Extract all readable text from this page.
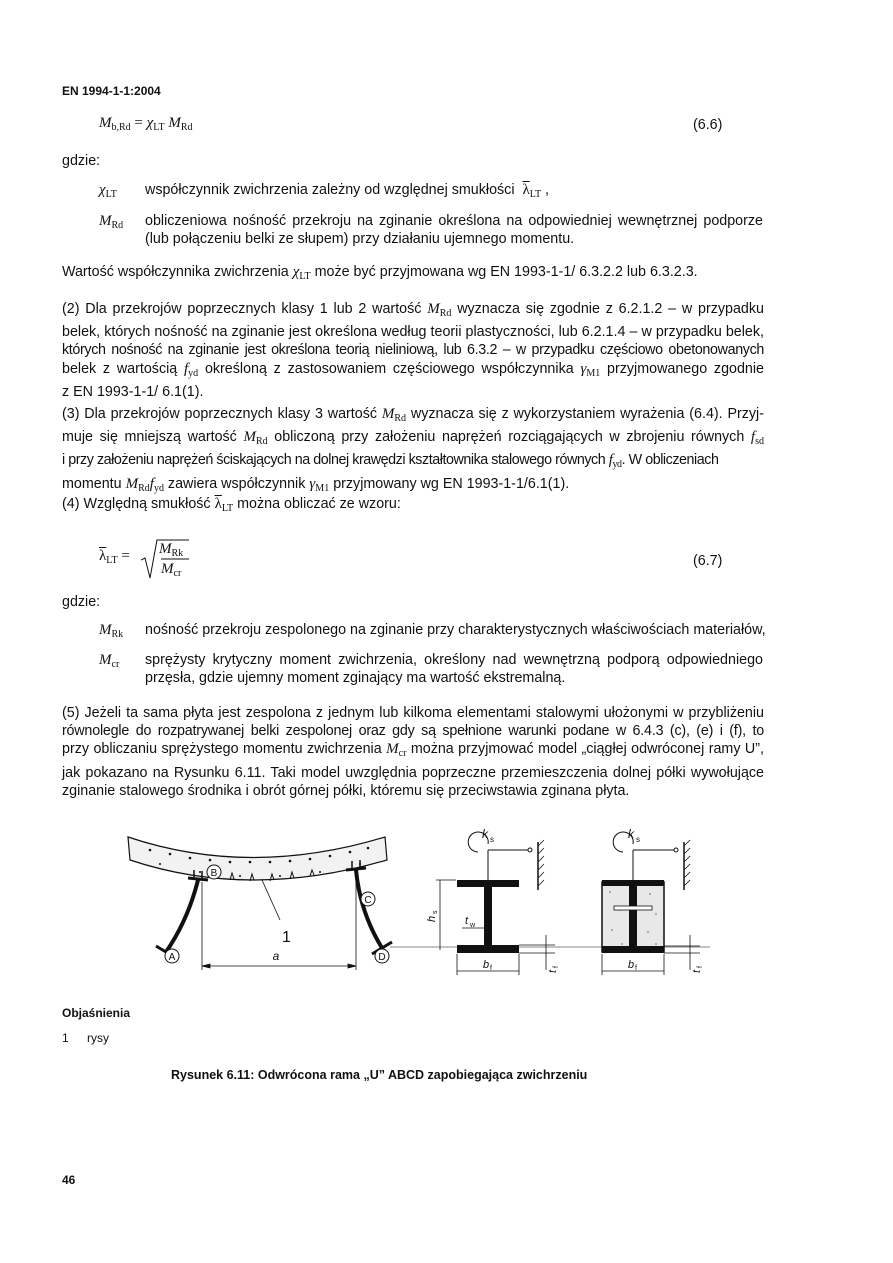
EN 1994-1-1:2004
$M_{b,Rd} = \chi_{LT}$ $M_{Rd}$	(6.6)
gdzie:
$\chi_{LT}$ współczynnik zwichrzenia zależny od względnej smukłości $\overline{\lambda}_{LT}$ ,
$M_{Rd}$ obliczeniowa nośność przekroju na zginanie określona na odpowiedniej wewnętrznej podporze
(lub połączeniu belki ze słupem) przy działaniu ujemnego momentu.
Wartość współczynnika zwichrzenia $\chi_{LT}$ może być przyjmowana wg EN 1993-1-1/ 6.3.2.2 lub 6.3.2.3.
(2) Dla przekrojów poprzecznych klasy 1 lub 2 wartość $M_{Rd}$ wyznacza się zgodnie z 6.2.1.2 – w przypadku
belek, których nośność na zginanie jest określona według teorii plastyczności, lub 6.2.1.4 – w przypadku belek,
których nośność na zginanie jest określona teorią nieliniową, lub 6.3.2 – w przypadku częściowo obetonowanych
belek z wartością $f_{yd}$ określoną z zastosowaniem częściowego współczynnika $\gamma_{M1}$ przyjmowanego zgodnie
z EN 1993-1-1/ 6.1(1).
(3) Dla przekrojów poprzecznych klasy 3 wartość $M_{Rd}$ wyznacza się z wykorzystaniem wyrażenia (6.4). Przyj-
muje się mniejszą wartość $M_{Rd}$ obliczoną przy założeniu naprężeń rozciągających w zbrojeniu równych $f_{sd}$
i przy założeniu naprężeń ściskających na dolnej krawędzi kształtownika stalowego równych $f_{yd}$. W obliczeniach
momentu $M_{Rd}f_{yd}$ zawiera współczynnik $\gamma_{M1}$ przyjmowany wg EN 1993-1-1/6.1(1).
(4) Względną smukłość $\overline{\lambda}_{LT}$ można obliczać ze wzoru:
$\overline{\lambda}_{LT} = M_{Rk}$
$M_{cr}$
(6.7)
gdzie:
$M_{Rk}$ nośność przekroju zespolonego na zginanie przy charakterystycznych właściwościach materiałów,
$M_{cr}$ sprężysty krytyczny moment zwichrzenia, określony nad wewnętrzną podporą odpowiedniego
przęsła, gdzie ujemny moment zginający ma wartość ekstremalną.
(5) Jeżeli ta sama płyta jest zespolona z jednym lub kilkoma elementami stalowymi ułożonymi w przybliżeniu
równolegle do rozpatrywanej belki zespolonej oraz gdy są spełnione warunki podane w 6.4.3 (c), (e) i (f), to
przy obliczaniu sprężystego momentu zwichrzenia $M_{cr}$ można przyjmować model „ciągłej odwróconej ramy U”,
jak pokazano na Rysunku 6.11. Taki model uwzględnia poprzeczne przemieszczenia dolnej półki wywołujące
zginanie stalowego środnika i obrót górnej półki, któremu się przeciwstawia zginana płyta.
A
B
C
D
1
a
k s
h
s
t w
b f	t
f
k s
b f	t
f
Objaśnienia
1 rysy
Rysunek 6.11: Odwrócona rama „U” ABCD zapobiegająca zwichrzeniu
46
